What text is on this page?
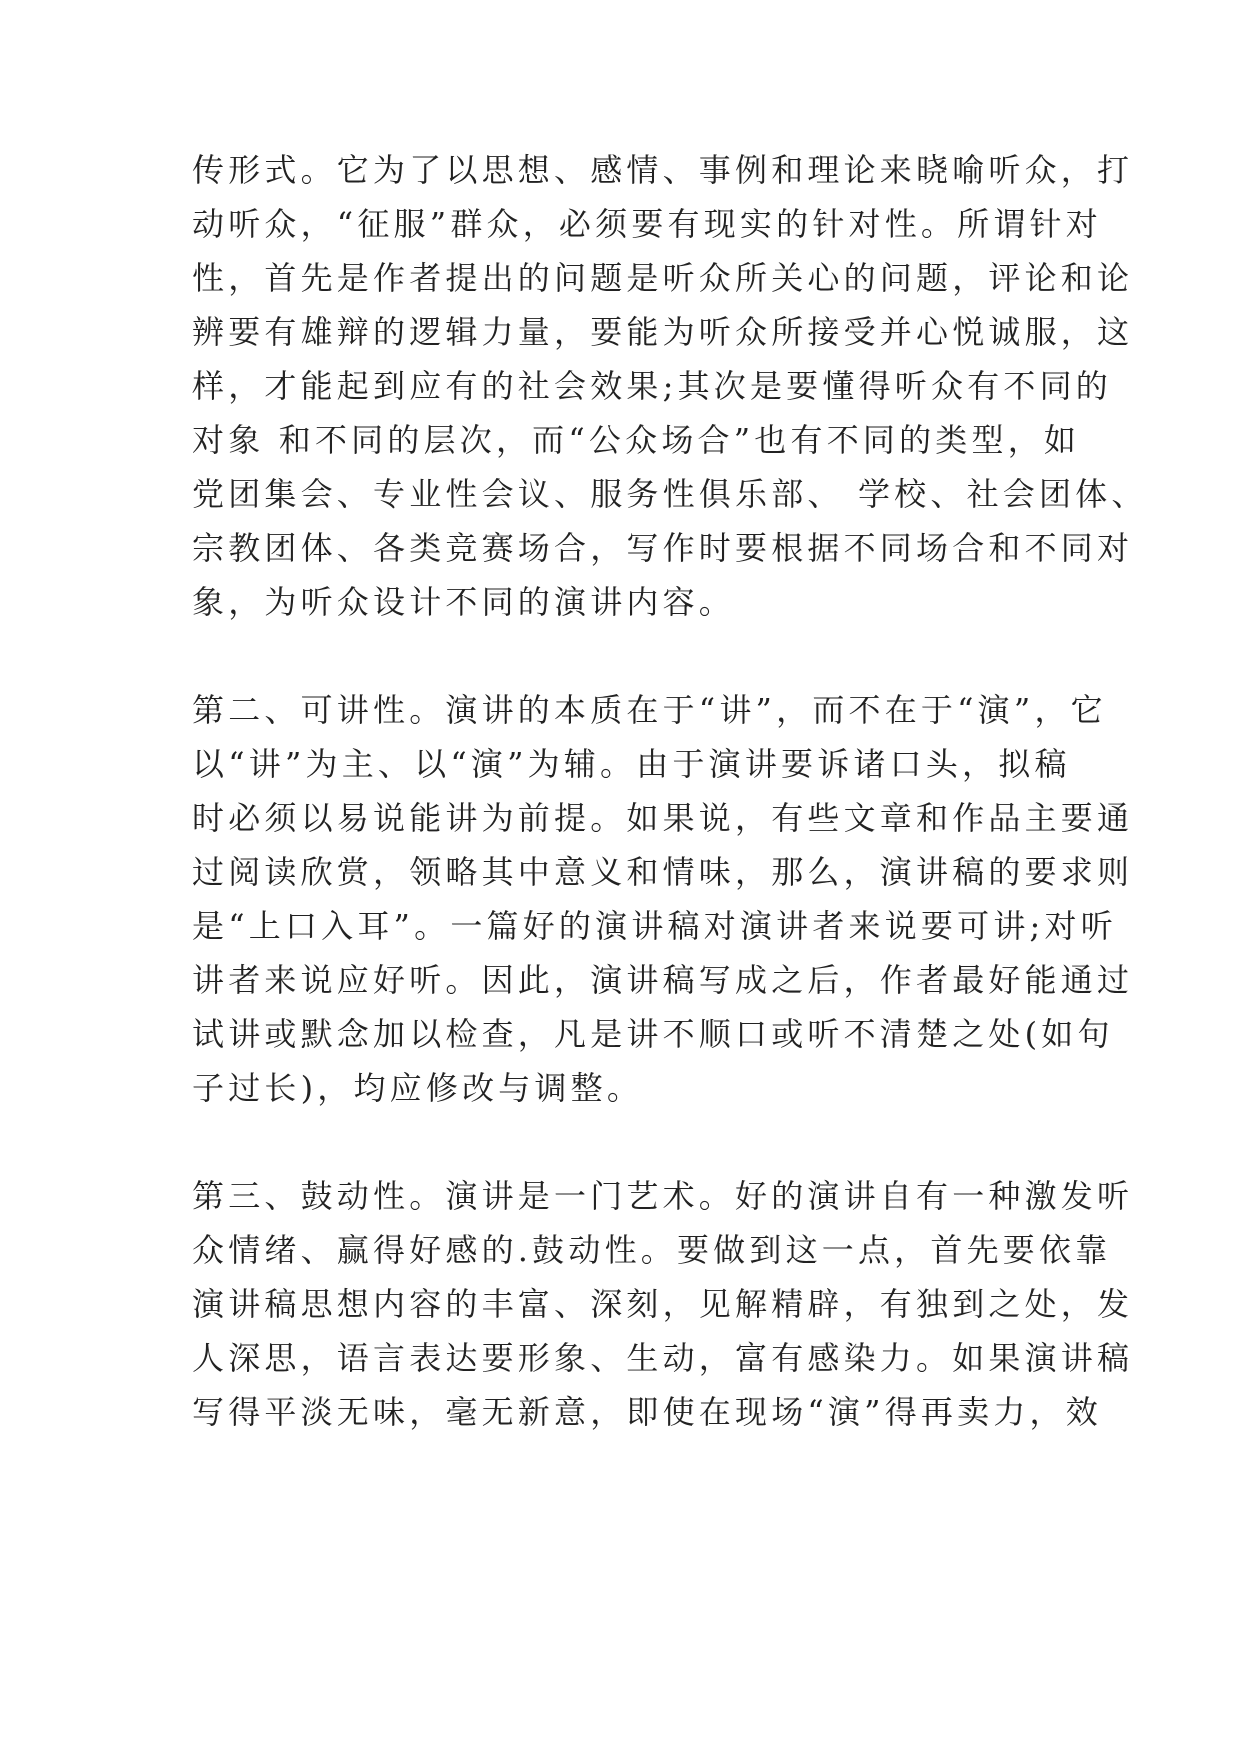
传形式。它为了以思想、感情、事例和理论来晓喻听众，打
动听众，“征服”群众，必须要有现实的针对性。所谓针对
性，首先是作者提出的问题是听众所关心的问题，评论和论
辨要有雄辩的逻辑力量，要能为听众所接受并心悦诚服，这
样，才能起到应有的社会效果;其次是要懂得听众有不同的
对象 和不同的层次，而“公众场合”也有不同的类型，如
党团集会、专业性会议、服务性俱乐部、 学校、社会团体、
宗教团体、各类竞赛场合，写作时要根据不同场合和不同对
象，为听众设计不同的演讲内容。
第二、可讲性。演讲的本质在于“讲”，而不在于“演”，它
以“讲”为主、以“演”为辅。由于演讲要诉诸口头，拟稿
时必须以易说能讲为前提。如果说，有些文章和作品主要通
过阅读欣赏，领略其中意义和情味，那么，演讲稿的要求则
是“上口入耳”。一篇好的演讲稿对演讲者来说要可讲;对听
讲者来说应好听。因此，演讲稿写成之后，作者最好能通过
试讲或默念加以检查，凡是讲不顺口或听不清楚之处(如句
子过长)，均应修改与调整。
第三、鼓动性。演讲是一门艺术。好的演讲自有一种激发听
众情绪、赢得好感的.鼓动性。要做到这一点，首先要依靠
演讲稿思想内容的丰富、深刻，见解精辟，有独到之处，发
人深思，语言表达要形象、生动，富有感染力。如果演讲稿
写得平淡无味，毫无新意，即使在现场“演”得再卖力，效
